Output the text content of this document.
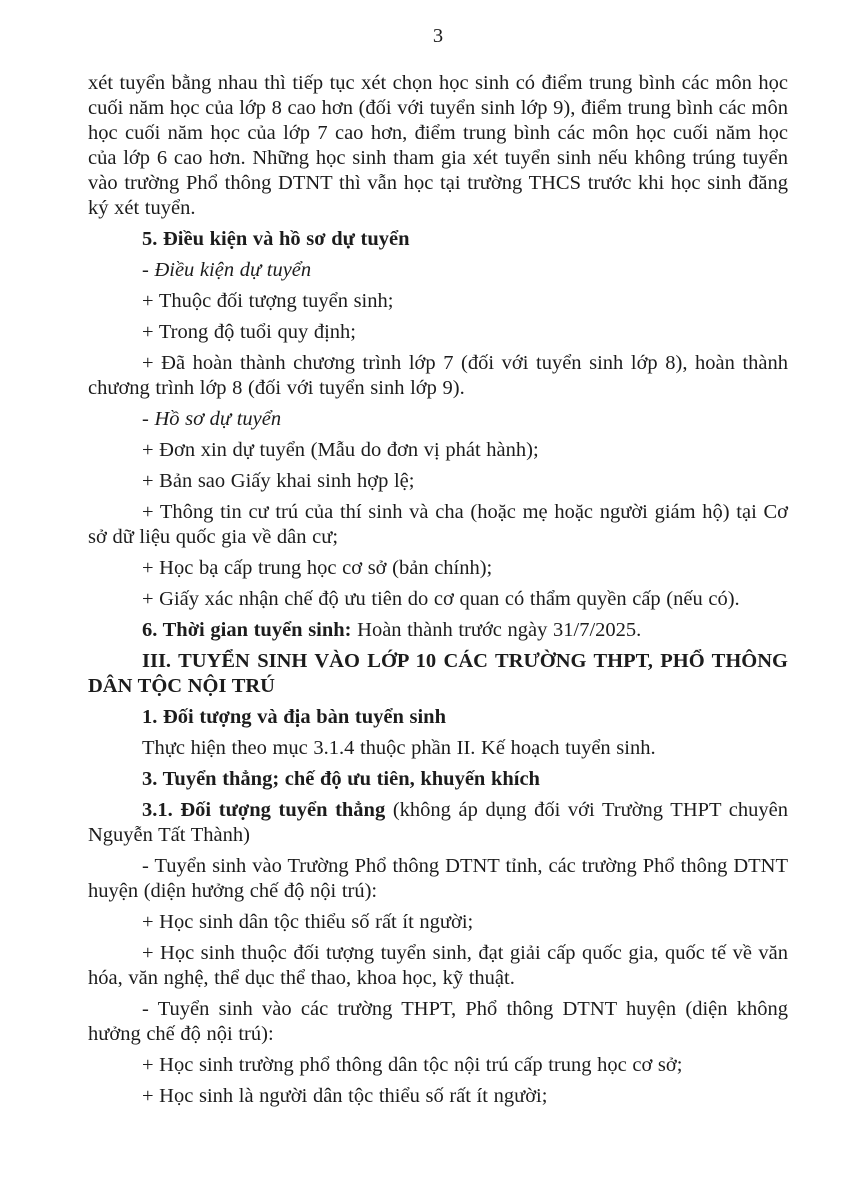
3

xét tuyển bằng nhau thì tiếp tục xét chọn học sinh có điểm trung bình các môn học cuối năm học của lớp 8 cao hơn (đối với tuyển sinh lớp 9), điểm trung bình các môn học cuối năm học của lớp 7 cao hơn, điểm trung bình các môn học cuối năm học của lớp 6 cao hơn. Những học sinh tham gia xét tuyển sinh nếu không trúng tuyển vào trường Phổ thông DTNT thì vẫn học tại trường THCS trước khi học sinh đăng ký xét tuyển.

5. Điều kiện và hồ sơ dự tuyển

- Điều kiện dự tuyển

+ Thuộc đối tượng tuyển sinh;

+ Trong độ tuổi quy định;

+ Đã hoàn thành chương trình lớp 7 (đối với tuyển sinh lớp 8), hoàn thành chương trình lớp 8 (đối với tuyển sinh lớp 9).

- Hồ sơ dự tuyển

+ Đơn xin dự tuyển (Mẫu do đơn vị phát hành);

+ Bản sao Giấy khai sinh hợp lệ;

+ Thông tin cư trú của thí sinh và cha (hoặc mẹ hoặc người giám hộ) tại Cơ sở dữ liệu quốc gia về dân cư;

+ Học bạ cấp trung học cơ sở (bản chính);

+ Giấy xác nhận chế độ ưu tiên do cơ quan có thẩm quyền cấp (nếu có).

6. Thời gian tuyển sinh: Hoàn thành trước ngày 31/7/2025.

III. TUYỂN SINH VÀO LỚP 10 CÁC TRƯỜNG THPT, PHỔ THÔNG DÂN TỘC NỘI TRÚ

1. Đối tượng và địa bàn tuyển sinh

Thực hiện theo mục 3.1.4 thuộc phần II. Kế hoạch tuyển sinh.

3. Tuyển thẳng; chế độ ưu tiên, khuyến khích

3.1. Đối tượng tuyển thẳng (không áp dụng đối với Trường THPT chuyên Nguyễn Tất Thành)

- Tuyển sinh vào Trường Phổ thông DTNT tỉnh, các trường Phổ thông DTNT huyện (diện hưởng chế độ nội trú):

+ Học sinh dân tộc thiểu số rất ít người;

+ Học sinh thuộc đối tượng tuyển sinh, đạt giải cấp quốc gia, quốc tế về văn hóa, văn nghệ, thể dục thể thao, khoa học, kỹ thuật.

- Tuyển sinh vào các trường THPT, Phổ thông DTNT huyện (diện không hưởng chế độ nội trú):

+ Học sinh trường phổ thông dân tộc nội trú cấp trung học cơ sở;

+ Học sinh là người dân tộc thiểu số rất ít người;
